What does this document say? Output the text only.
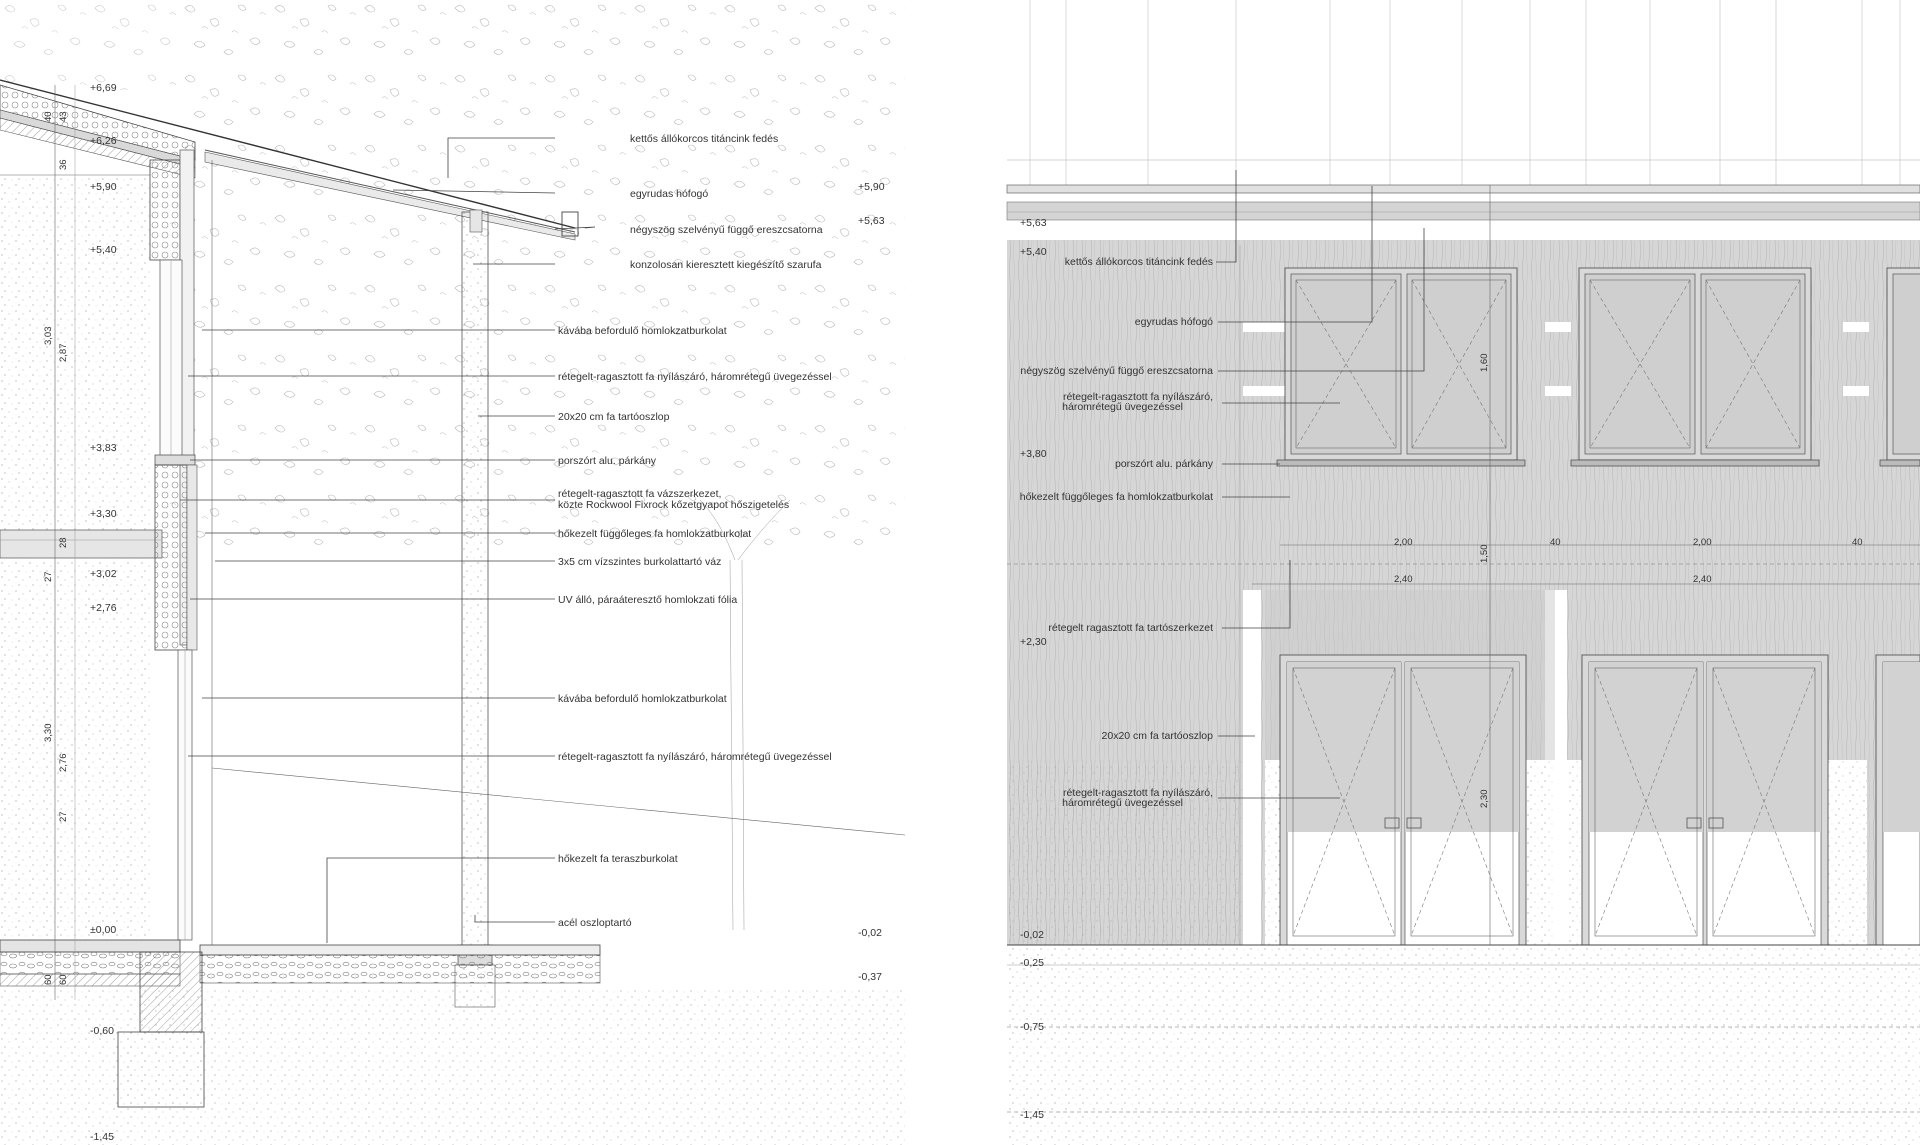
+6,69
+6,26
+5,90
+5,40
+3,83
+3,30
+3,02
+2,76
±0,00
-0,60
-1,45
+5,90
+5,63
-0,02
-0,37
40 43
36
3,03
2,87
28
27
3,30
2,76
27
60 60
kettős állókorcos titáncink fedés
egyrudas hófogó
négyszög szelvényű függő ereszcsatorna
konzolosan kieresztett kiegészítő szarufa
kávába befordulő homlokzatburkolat
rétegelt-ragasztott fa nyílászáró, háromrétegű üvegezéssel
20x20 cm fa tartóoszlop
porszórt alu. párkány
rétegelt-ragasztott fa vázszerkezet,
közte Rockwool Fixrock kőzetgyapot hőszigetelés
hőkezelt függőleges fa homlokzatburkolat
3x5 cm vízszintes burkolattartó váz
UV álló, páraáteresztő homlokzati fólia
kávába befordulő homlokzatburkolat
rétegelt-ragasztott fa nyílászáró, háromrétegű üvegezéssel
hőkezelt fa teraszburkolat
acél oszloptartó
2,00	40	2,00	40
2,40	2,40
1,60
1,50
2,30
+5,63
+5,40
+3,80
+2,30
-0,02
-0,25
-0,75
-1,45
kettős állókorcos titáncink fedés
egyrudas hófogó
négyszög szelvényű függő ereszcsatorna
rétegelt-ragasztott fa nyílászáró,
háromrétegű üvegezéssel
porszórt alu. párkány
hőkezelt függőleges fa homlokzatburkolat
rétegelt ragasztott fa tartószerkezet
20x20 cm fa tartóoszlop
rétegelt-ragasztott fa nyílászáró,
háromrétegű üvegezéssel
